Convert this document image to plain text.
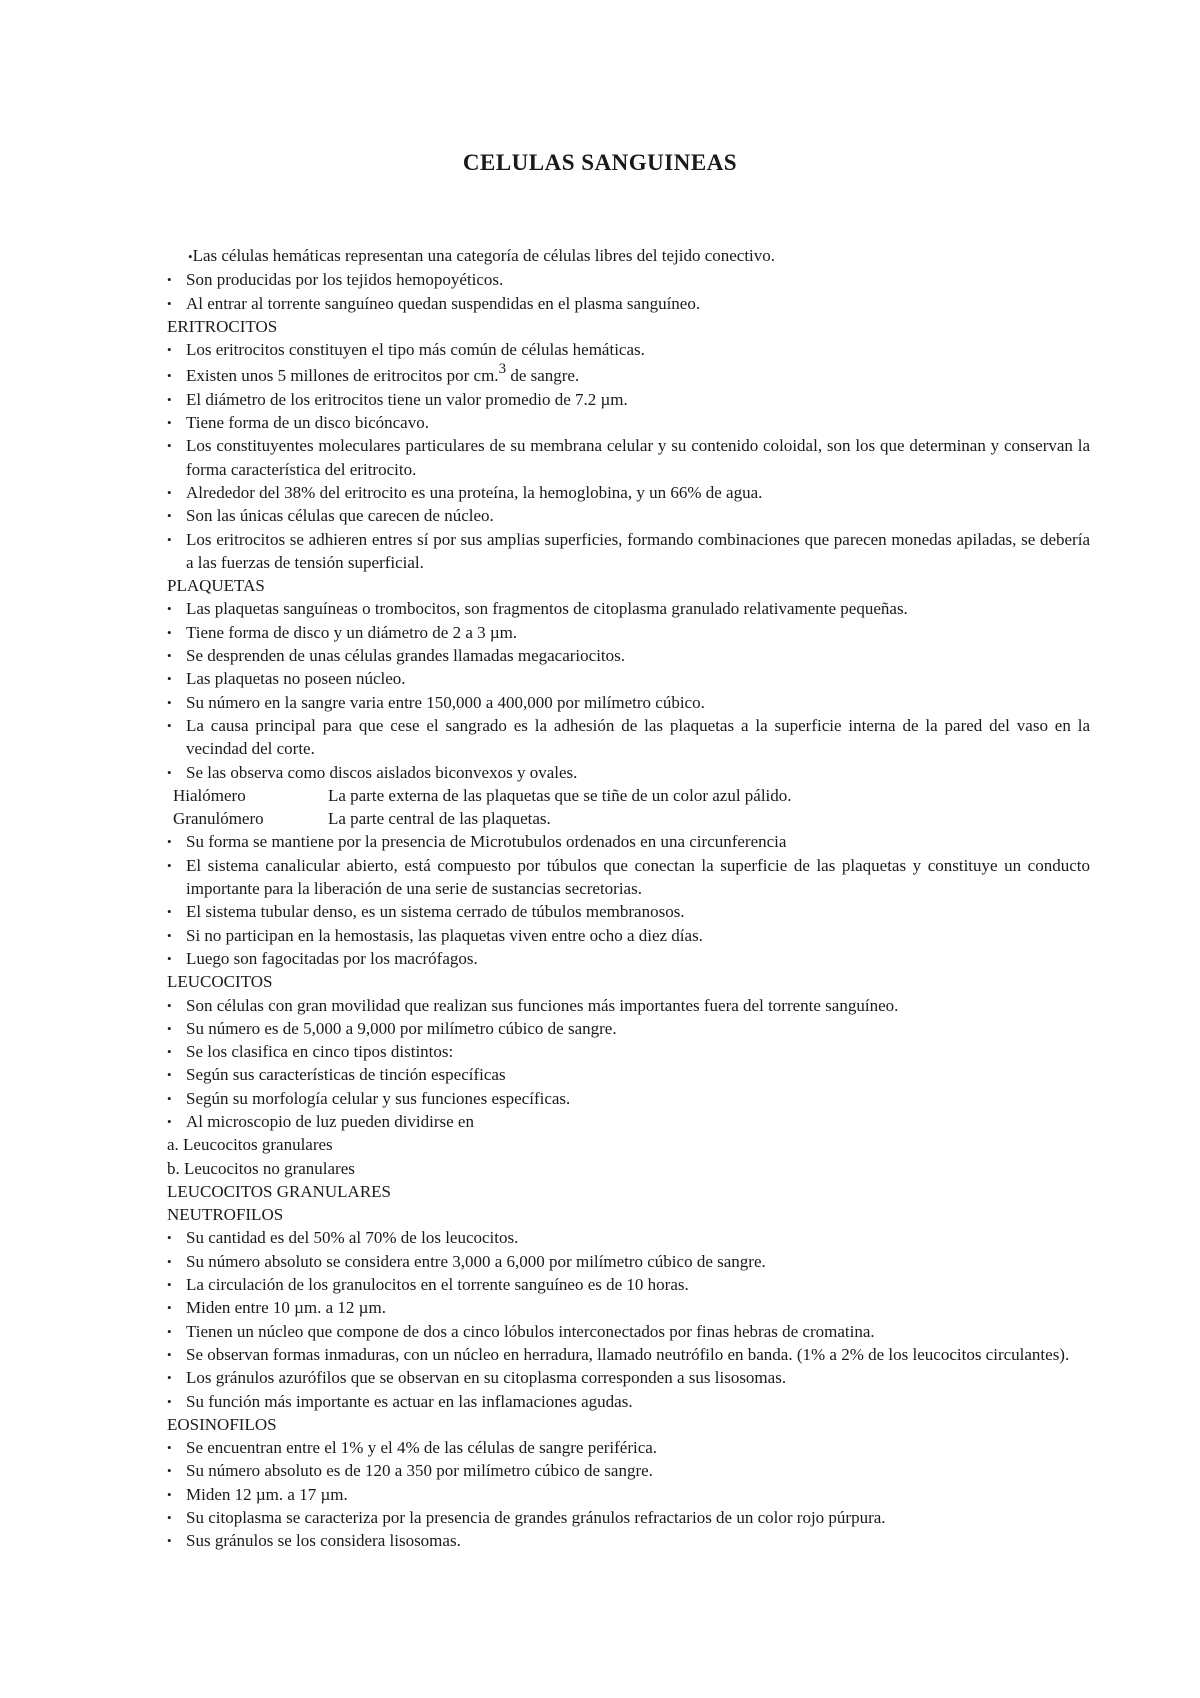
CELULAS SANGUINEAS

•Las células hemáticas representan una categoría de células libres del tejido conectivo.

• Son producidas por los tejidos hemopoyéticos.

• Al entrar al torrente sanguíneo quedan suspendidas en el plasma sanguíneo.

ERITROCITOS

• Los eritrocitos constituyen el tipo más común de células hemáticas.

• Existen unos 5 millones de eritrocitos por cm.$^3$ de sangre.

• El diámetro de los eritrocitos tiene un valor promedio de 7.2 µm.

• Tiene forma de un disco bicóncavo.

• Los constituyentes moleculares particulares de su membrana celular y su contenido coloidal, son los que determinan y conservan la forma característica del eritrocito.

• Alrededor del 38% del eritrocito es una proteína, la hemoglobina, y un 66% de agua.

• Son las únicas células que carecen de núcleo.

• Los eritrocitos se adhieren entres sí por sus amplias superficies, formando combinaciones que parecen monedas apiladas, se debería a las fuerzas de tensión superficial.

PLAQUETAS

• Las plaquetas sanguíneas o trombocitos, son fragmentos de citoplasma granulado relativamente pequeñas.

• Tiene forma de disco y un diámetro de 2 a 3 µm.

• Se desprenden de unas células grandes llamadas megacariocitos.

• Las plaquetas no poseen núcleo.

• Su número en la sangre varia entre 150,000 a 400,000 por milímetro cúbico.

• La causa principal para que cese el sangrado es la adhesión de las plaquetas a la superficie interna de la pared del vaso en la vecindad del corte.

• Se las observa como discos aislados biconvexos y ovales.

Hialómero	La parte externa de las plaquetas que se tiñe de un color azul pálido.
Granulómero	La parte central de las plaquetas.

• Su forma se mantiene por la presencia de Microtubulos ordenados en una circunferencia

• El sistema canalicular abierto, está compuesto por túbulos que conectan la superficie de las plaquetas y constituye un conducto importante para la liberación de una serie de sustancias secretorias.

• El sistema tubular denso, es un sistema cerrado de túbulos membranosos.

• Si no participan en la hemostasis, las plaquetas viven entre ocho a diez días.

• Luego son fagocitadas por los macrófagos.

LEUCOCITOS

• Son células con gran movilidad que realizan sus funciones más importantes fuera del torrente sanguíneo.

• Su número es de 5,000 a 9,000 por milímetro cúbico de sangre.

• Se los clasifica en cinco tipos distintos:

• Según sus características de tinción específicas

• Según su morfología celular y sus funciones específicas.

• Al microscopio de luz pueden dividirse en

a. Leucocitos granulares

b. Leucocitos no granulares

LEUCOCITOS GRANULARES

NEUTROFILOS

• Su cantidad es del 50% al 70% de los leucocitos.

• Su número absoluto se considera entre 3,000 a 6,000 por milímetro cúbico de sangre.

• La circulación de los granulocitos en el torrente sanguíneo es de 10 horas.

• Miden entre 10 µm. a 12 µm.

• Tienen un núcleo que compone de dos a cinco lóbulos interconectados por finas hebras de cromatina.

• Se observan formas inmaduras, con un núcleo en herradura, llamado neutrófilo en banda. (1% a 2% de los leucocitos circulantes).

• Los gránulos azurófilos que se observan en su citoplasma corresponden a sus lisosomas.

• Su función más importante es actuar en las inflamaciones agudas.

EOSINOFILOS

• Se encuentran entre el 1% y el 4% de las células de sangre periférica.

• Su número absoluto es de 120 a 350 por milímetro cúbico de sangre.

• Miden 12 µm. a 17 µm.

• Su citoplasma se caracteriza por la presencia de grandes gránulos refractarios de un color rojo púrpura.

• Sus gránulos se los considera lisosomas.
